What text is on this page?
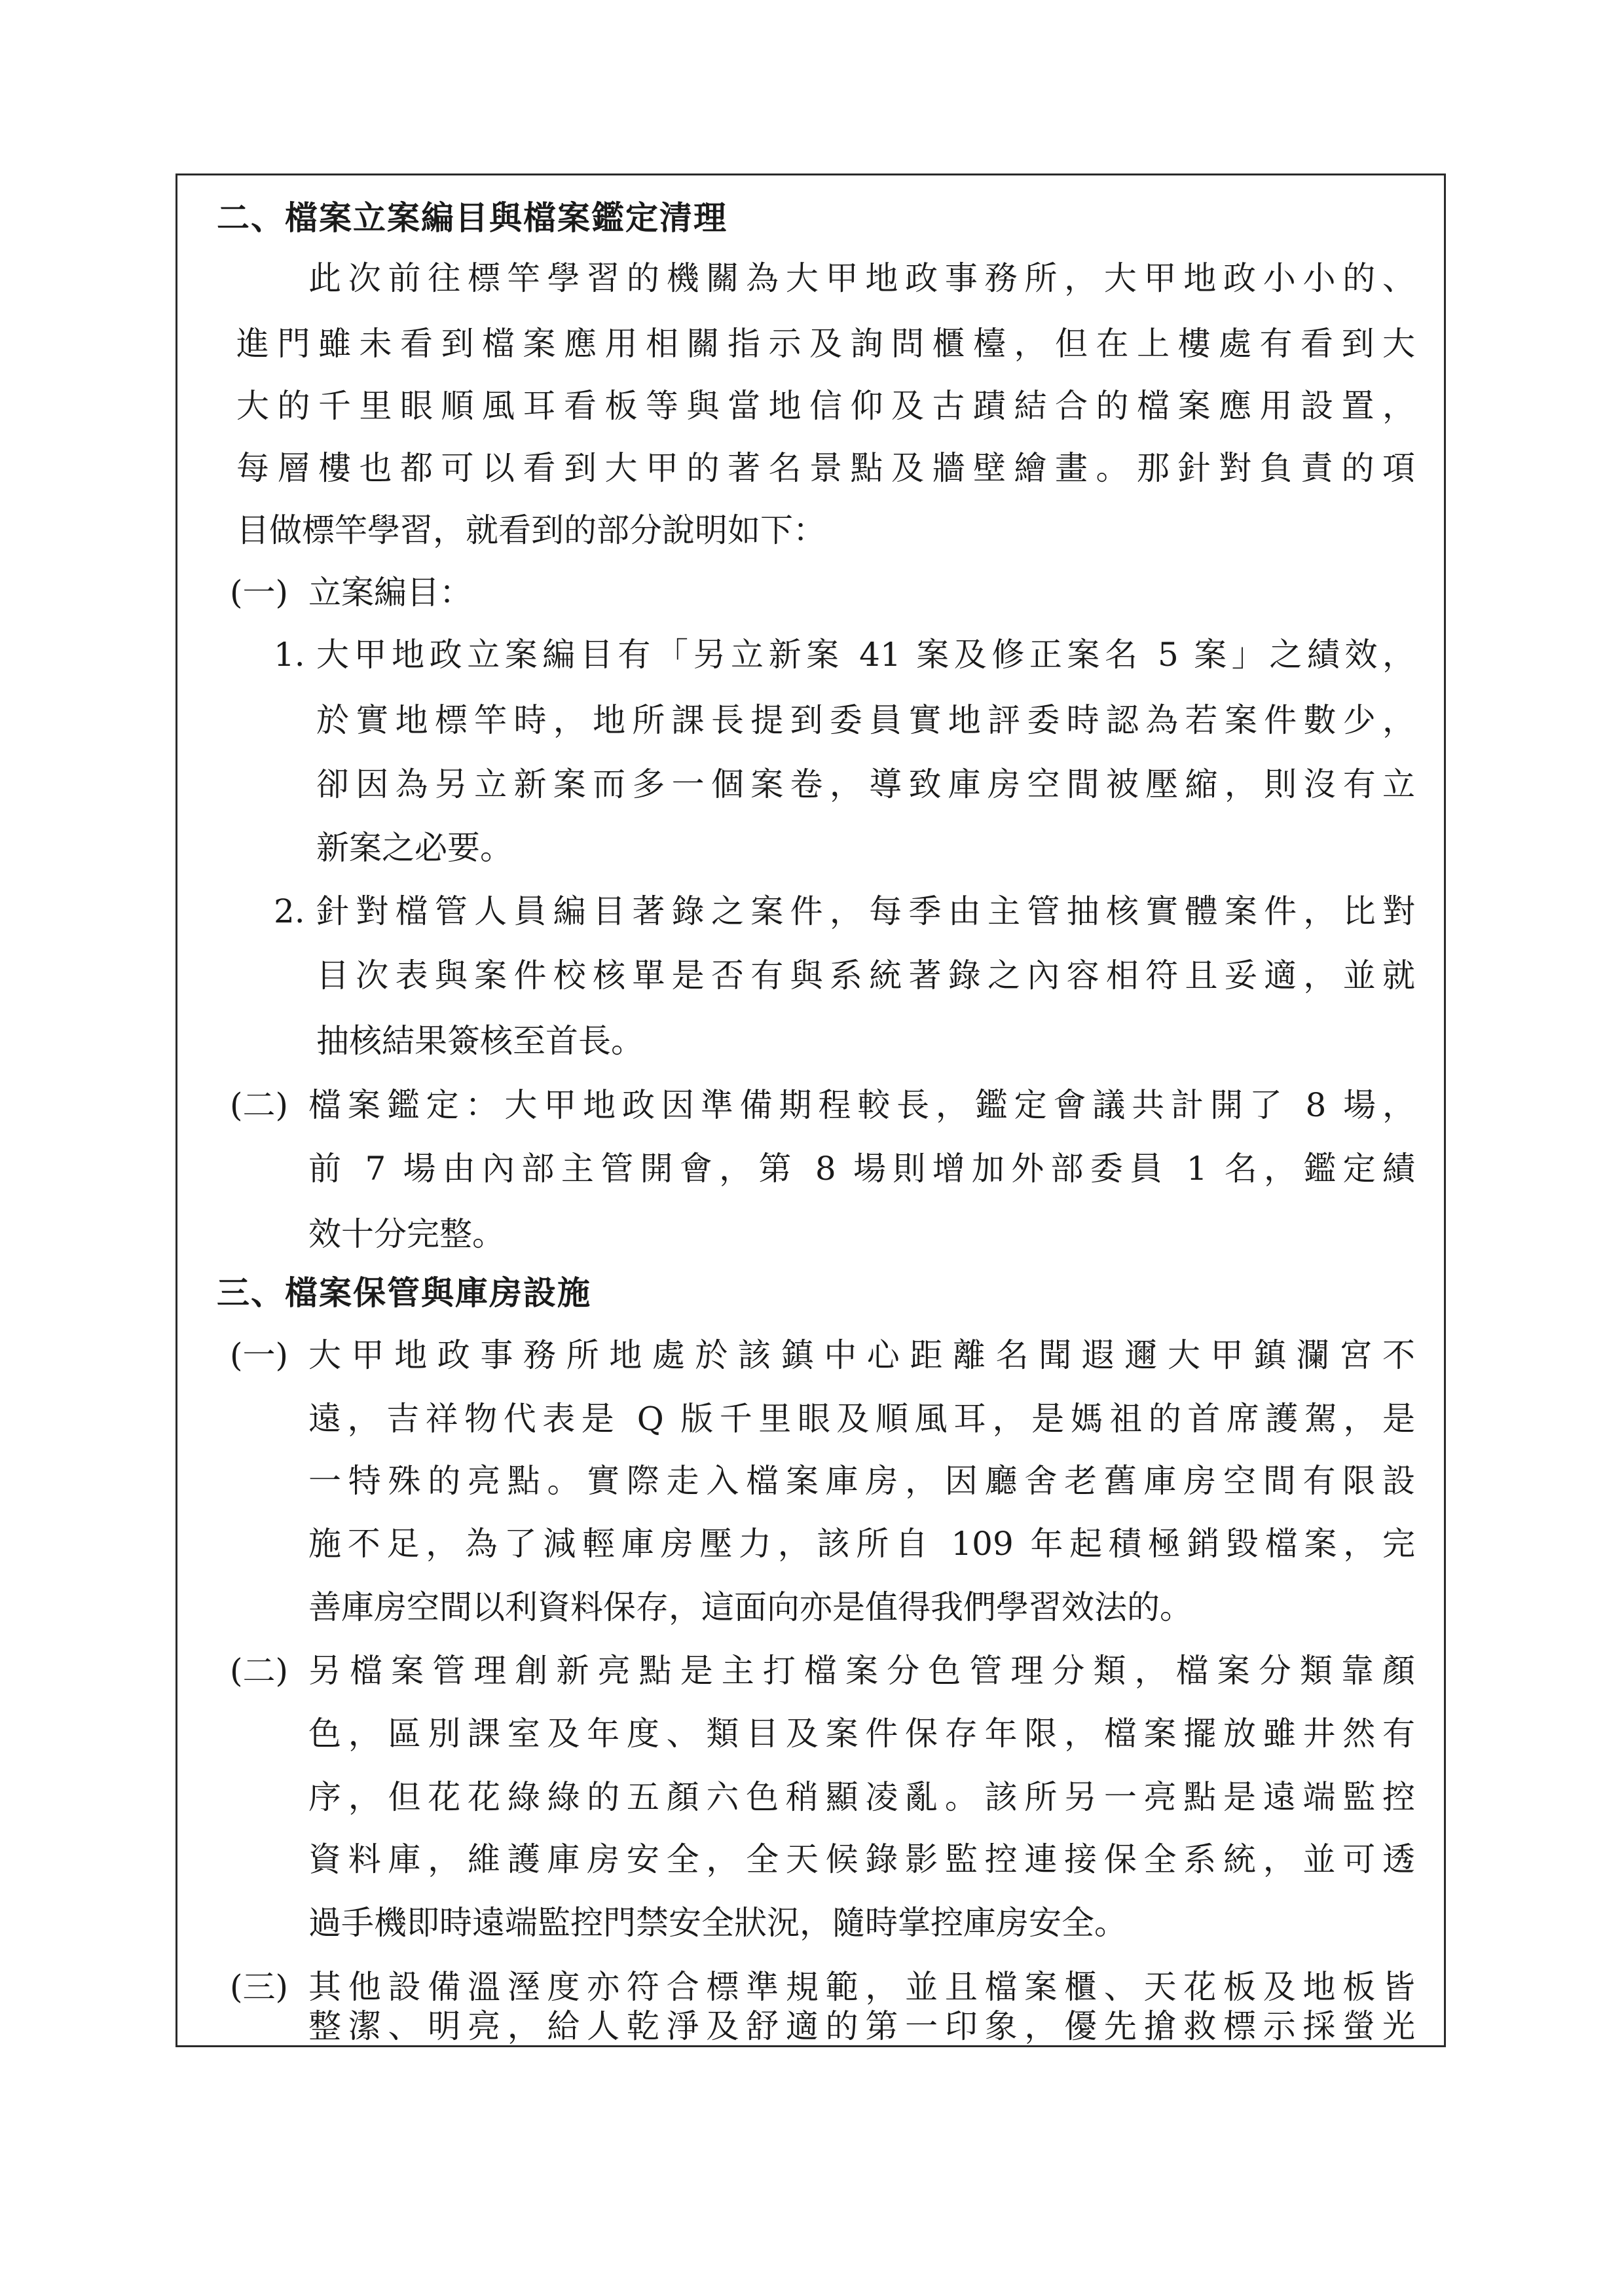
二、檔案立案編目與檔案鑑定清理
此次前往標竿學習的機關為大甲地政事務所，大甲地政小小的、
進門雖未看到檔案應用相關指示及詢問櫃檯，但在上樓處有看到大
大的千里眼順風耳看板等與當地信仰及古蹟結合的檔案應用設置，
每層樓也都可以看到大甲的著名景點及牆壁繪畫。那針對負責的項
目做標竿學習，就看到的部分說明如下：
(一) 立案編目：
1. 大甲地政立案編目有「另立新案 41 案及修正案名 5 案」之績效，
於實地標竿時，地所課長提到委員實地評委時認為若案件數少，
卻因為另立新案而多一個案卷，導致庫房空間被壓縮，則沒有立
新案之必要。
2. 針對檔管人員編目著錄之案件，每季由主管抽核實體案件，比對
目次表與案件校核單是否有與系統著錄之內容相符且妥適，並就
抽核結果簽核至首長。
(二) 檔案鑑定：大甲地政因準備期程較長，鑑定會議共計開了 8 場，
前 7 場由內部主管開會，第 8 場則增加外部委員 1 名，鑑定績
效十分完整。
三、檔案保管與庫房設施
(一) 大甲地政事務所地處於該鎮中心距離名聞遐邇大甲鎮瀾宮不
遠，吉祥物代表是 Q 版千里眼及順風耳，是媽祖的首席護駕，是
一特殊的亮點。實際走入檔案庫房，因廳舍老舊庫房空間有限設
施不足，為了減輕庫房壓力，該所自 109 年起積極銷毀檔案，完
善庫房空間以利資料保存，這面向亦是值得我們學習效法的。
(二) 另檔案管理創新亮點是主打檔案分色管理分類，檔案分類靠顏
色，區別課室及年度、類目及案件保存年限，檔案擺放雖井然有
序，但花花綠綠的五顏六色稍顯凌亂。該所另一亮點是遠端監控
資料庫，維護庫房安全，全天候錄影監控連接保全系統，並可透
過手機即時遠端監控門禁安全狀況，隨時掌控庫房安全。
(三) 其他設備溫溼度亦符合標準規範，並且檔案櫃、天花板及地板皆
整潔、明亮，給人乾淨及舒適的第一印象，優先搶救標示採螢光
